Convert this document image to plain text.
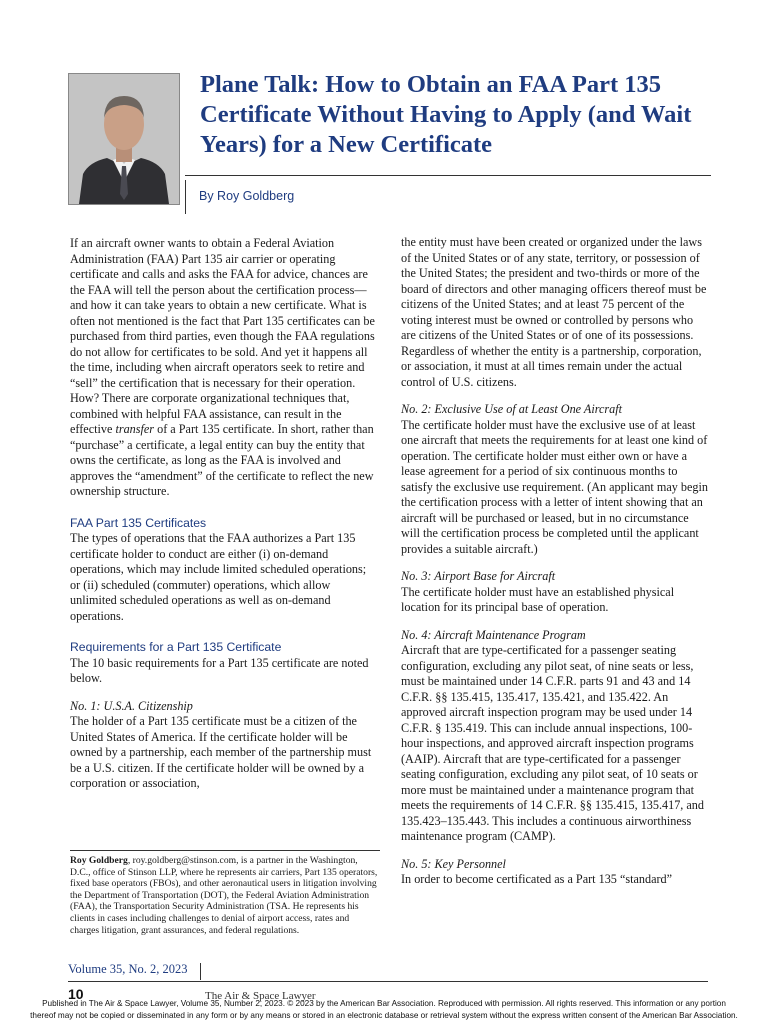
Plane Talk: How to Obtain an FAA Part 135 Certificate Without Having to Apply (and Wait Years) for a New Certificate
By Roy Goldberg

If an aircraft owner wants to obtain a Federal Aviation Administration (FAA) Part 135 air carrier or operating certificate and calls and asks the FAA for advice, chances are the FAA will tell the person about the certification process—and how it can take years to obtain a new certificate. What is often not mentioned is the fact that Part 135 certificates can be purchased from third parties, even though the FAA regulations do not allow for certificates to be sold. And yet it happens all the time, including when aircraft operators seek to retire and “sell” the certification that is necessary for their operation. How? There are corporate organizational techniques that, combined with helpful FAA assistance, can result in the effective transfer of a Part 135 certificate. In short, rather than “purchase” a certificate, a legal entity can buy the entity that owns the certificate, as long as the FAA is involved and approves the “amendment” of the certificate to reflect the new ownership structure.

FAA Part 135 Certificates

The types of operations that the FAA authorizes a Part 135 certificate holder to conduct are either (i) on-demand operations, which may include limited scheduled operations; or (ii) scheduled (commuter) operations, which allow unlimited scheduled operations as well as on-demand operations.

Requirements for a Part 135 Certificate

The 10 basic requirements for a Part 135 certificate are noted below.

No. 1: U.S.A. Citizenship

The holder of a Part 135 certificate must be a citizen of the United States of America. If the certificate holder will be owned by a partnership, each member of the partnership must be a U.S. citizen. If the certificate holder will be owned by a corporation or association,

the entity must have been created or organized under the laws of the United States or of any state, territory, or possession of the United States; the president and two-thirds or more of the board of directors and other managing officers thereof must be citizens of the United States; and at least 75 percent of the voting interest must be owned or controlled by persons who are citizens of the United States or of one of its possessions. Regardless of whether the entity is a partnership, corporation, or association, it must at all times remain under the actual control of U.S. citizens.

No. 2: Exclusive Use of at Least One Aircraft

The certificate holder must have the exclusive use of at least one aircraft that meets the requirements for at least one kind of operation. The certificate holder must either own or have a lease agreement for a period of six continuous months to satisfy the exclusive use requirement. (An applicant may begin the certification process with a letter of intent showing that an aircraft will be purchased or leased, but in no circumstance will the certification process be completed until the applicant provides a suitable aircraft.)

No. 3: Airport Base for Aircraft

The certificate holder must have an established physical location for its principal base of operation.

No. 4: Aircraft Maintenance Program

Aircraft that are type-certificated for a passenger seating configuration, excluding any pilot seat, of nine seats or less, must be maintained under 14 C.F.R. parts 91 and 43 and 14 C.F.R. §§ 135.415, 135.417, 135.421, and 135.422. An approved aircraft inspection program may be used under 14 C.F.R. § 135.419. This can include annual inspections, 100-hour inspections, and approved aircraft inspection programs (AAIP). Aircraft that are type-certificated for a passenger seating configuration, excluding any pilot seat, of 10 seats or more must be maintained under a maintenance program that meets the requirements of 14 C.F.R. §§ 135.415, 135.417, and 135.423–135.443. This includes a continuous airworthiness maintenance program (CAMP).

No. 5: Key Personnel

In order to become certificated as a Part 135 “standard”

Roy Goldberg, roy.goldberg@stinson.com, is a partner in the Washington, D.C., office of Stinson LLP, where he represents air carriers, Part 135 operators, fixed base operators (FBOs), and other aeronautical users in litigation involving the Department of Transportation (DOT), the Federal Aviation Administration (FAA), the Transportation Security Administration (TSA. He represents his clients in cases including challenges to denial of airport access, rates and charges litigation, grant assurances, and federal regulations.

Volume 35, No. 2, 2023
10	The Air & Space Lawyer

Published in The Air & Space Lawyer, Volume 35, Number 2, 2023. © 2023 by the American Bar Association. Reproduced with permission. All rights reserved. This information or any portion

thereof may not be copied or disseminated in any form or by any means or stored in an electronic database or retrieval system without the express written consent of the American Bar Association.
